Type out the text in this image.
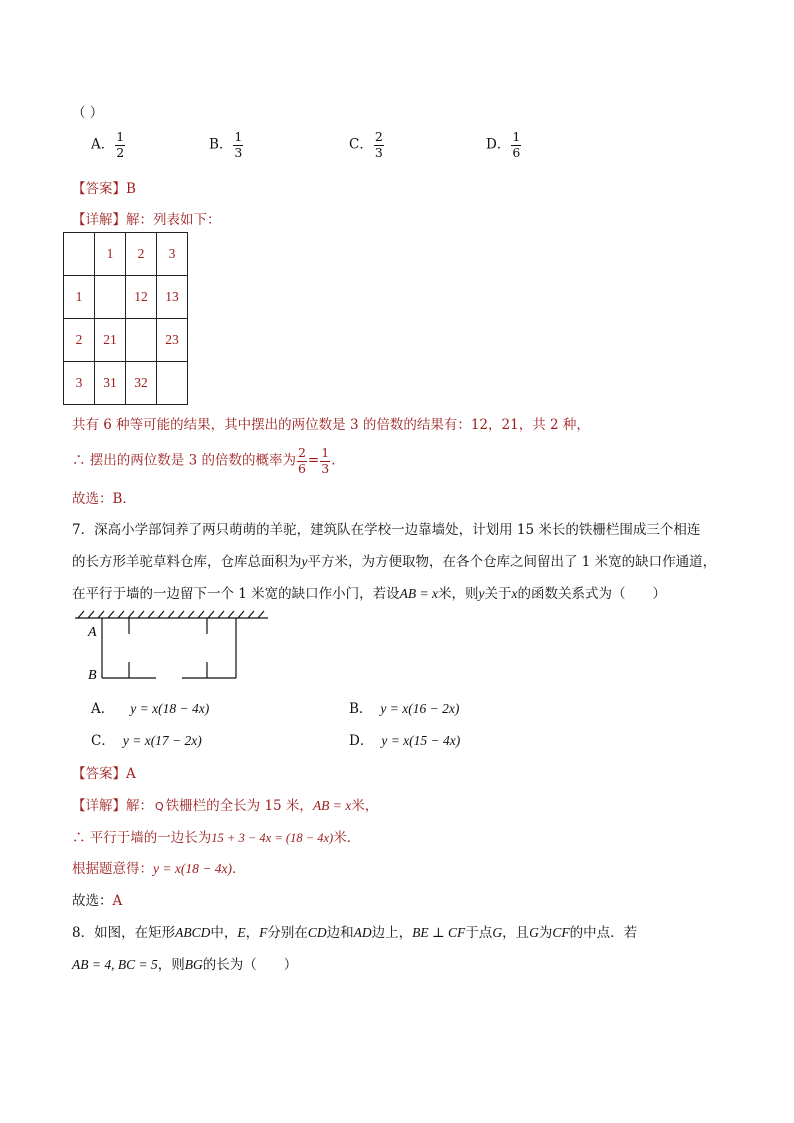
（ ）
A． $\frac{1}{2}$	B． $\frac{1}{3}$	C． $\frac{2}{3}$	D． $\frac{1}{6}$
【答案】B
【详解】解：列表如下：
	1	2	3
1		12	13
2	21		23
3	31	32	
共有 6 种等可能的结果，其中摆出的两位数是 3 的倍数的结果有：12，21，共 2 种，
∴ 摆出的两位数是 3 的倍数的概率为 $\frac{2}{6} = \frac{1}{3}$ .
故选：B．
7．深高小学部饲养了两只萌萌的羊驼，建筑队在学校一边靠墙处，计划用 15 米长的铁栅栏围成三个相连
的长方形羊驼草料仓库，仓库总面积为y平方米，为方便取物，在各个仓库之间留出了 1 米宽的缺口作通道，
在平行于墙的一边留下一个 1 米宽的缺口作小门，若设AB = x米，则y关于x的函数关系式为（　　）
A
B
A． y = x(18 − 4x)	B． y = x(16 − 2x)
C． y = x(17 − 2x)	D． y = x(15 − 4x)
【答案】A
【详解】解： Q 铁栅栏的全长为 15 米，AB = x米，
∴ 平行于墙的一边长为15 + 3 − 4x = (18 − 4x)米．
根据题意得：y = x(18 − 4x)．
故选：A
8．如图，在矩形ABCD中，E，F分别在CD边和AD边上，BE ⊥ CF于点G，且G为CF的中点．若
AB = 4, BC = 5，则BG的长为（　　）
